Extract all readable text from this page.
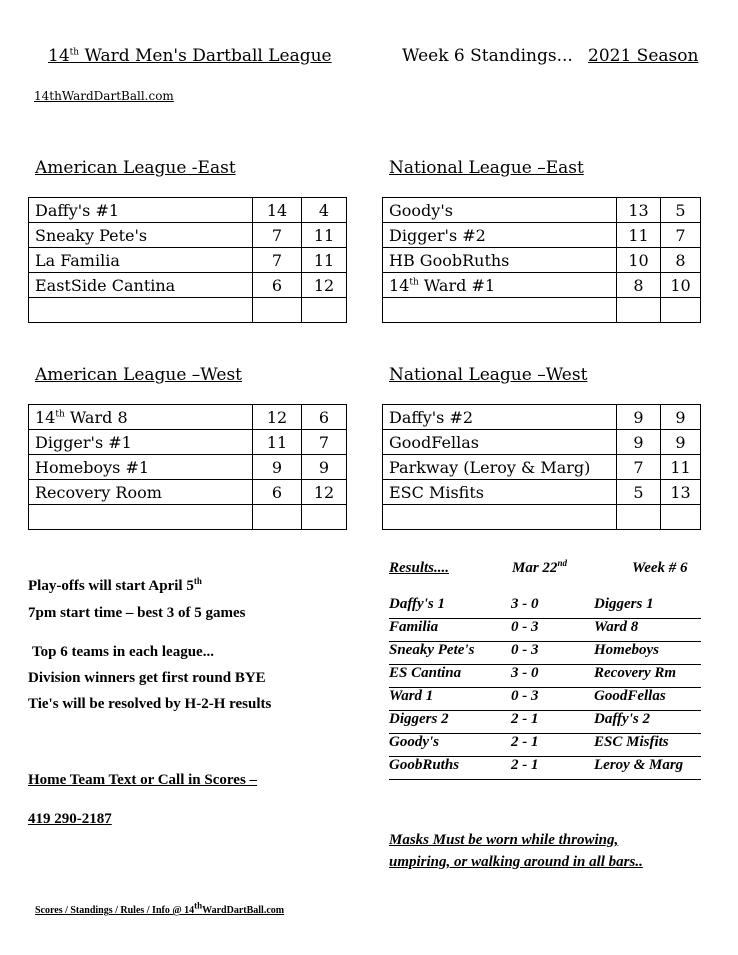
14th Ward Men's Dartball League	Week 6 Standings... 2021 Season
14thWardDartBall.com
American League -East	National League –East
American League –West	National League –West
Daffy's #1	14	4
Sneaky Pete's	7	11
La Familia	7	11
EastSide Cantina	6	12

Goody's	13	5
Digger's #2	11	7
HB GoobRuths	10	8
14th Ward #1	8	10

14th Ward 8	12	6
Digger's #1	11	7
Homeboys #1	9	9
Recovery Room	6	12

Daffy's #2	9	9
GoodFellas	9	9
Parkway (Leroy & Marg)	7	11
ESC Misfits	5	13

Play-offs will start April 5th
7pm start time – best 3 of 5 games
Top 6 teams in each league...
Division winners get first round BYE
Tie's will be resolved by H-2-H results
Home Team Text or Call in Scores –
419 290-2187
Results....	Mar 22nd	Week # 6
Daffy's 1	3 - 0	Diggers 1
Familia	0 - 3	Ward 8
Sneaky Pete's 0 - 3	Homeboys
ES Cantina	3 - 0	Recovery Rm
Ward 1	0 - 3	GoodFellas
Diggers 2	2 - 1	Daffy's 2
Goody's	2 - 1	ESC Misfits
GoobRuths	2 - 1	Leroy & Marg
Masks Must be worn while throwing,
umpiring, or walking around in all bars..
Scores / Standings / Rules / Info @ 14thWardDartBall.com
